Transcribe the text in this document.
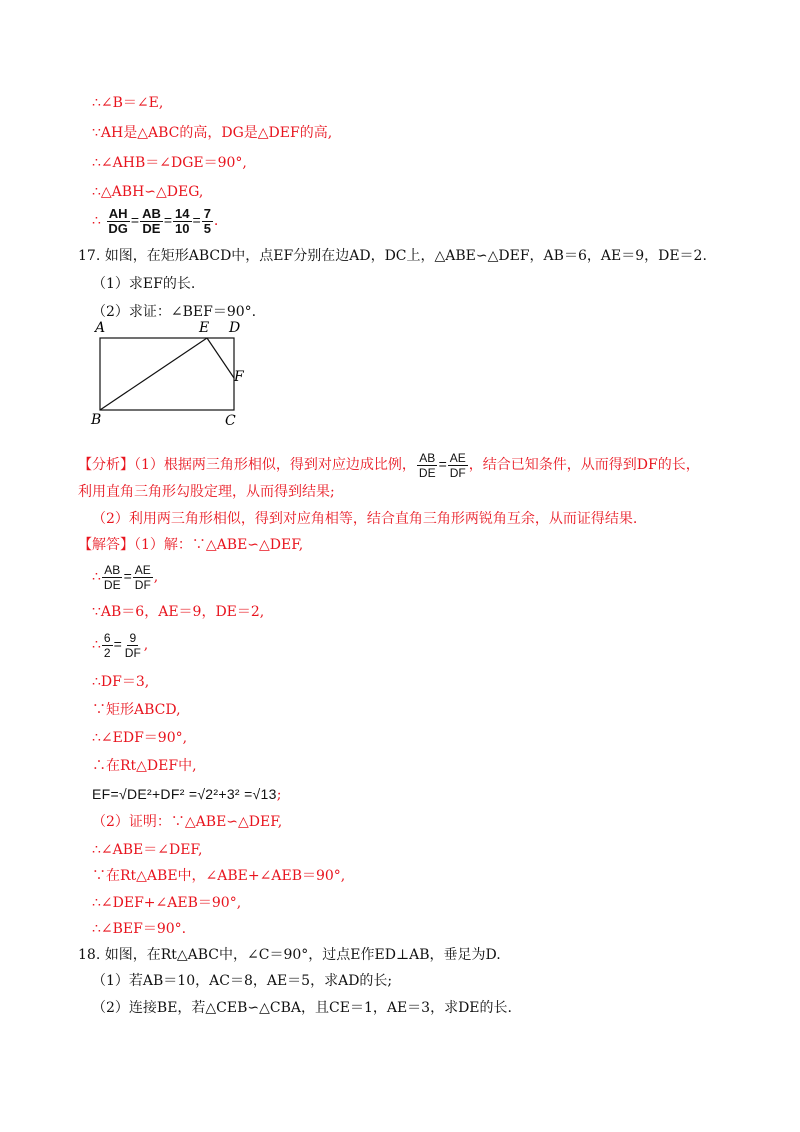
∴∠B＝∠E,
∵AH是△ABC的高，DG是△DEF的高,
∴∠AHB＝∠DGE＝90°,
∴△ABH∽△DEG,
∴ $\frac{AH}{DG} = \frac{AB}{DE} = \frac{14}{10} = \frac{7}{5}$ .
17. 如图，在矩形ABCD中，点EF分别在边AD，DC上，△ABE∽△DEF，AB＝6，AE＝9，DE＝2.
（1）求EF的长.
（2）求证：∠BEF＝90°.
A	E D
F
B	C
【分析】（1）根据两三角形相似，得到对应边成比例， $\frac{AB}{DE} = \frac{AE}{DF}$ ，结合已知条件，从而得到DF的长，
利用直角三角形勾股定理，从而得到结果;
（2）利用两三角形相似，得到对应角相等，结合直角三角形两锐角互余，从而证得结果.
【解答】（1）解：∵△ABE∽△DEF,
∴ $\frac{AB}{DE} = \frac{AE}{DF}$ ,
∵AB＝6，AE＝9，DE＝2,
∴ $\frac{6}{2} = \frac{9}{DF}$ ,
∴DF＝3,
∵矩形ABCD,
∴∠EDF＝90°,
∴在Rt△DEF中,
EF=√DE²+DF² =√2²+3² =√13;
（2）证明：∵△ABE∽△DEF,
∴∠ABE＝∠DEF,
∵在Rt△ABE中，∠ABE+∠AEB＝90°,
∴∠DEF+∠AEB＝90°,
∴∠BEF＝90°.
18. 如图，在Rt△ABC中，∠C＝90°，过点E作ED⊥AB，垂足为D.
（1）若AB＝10，AC＝8，AE＝5，求AD的长;
（2）连接BE，若△CEB∽△CBA，且CE＝1，AE＝3，求DE的长.
